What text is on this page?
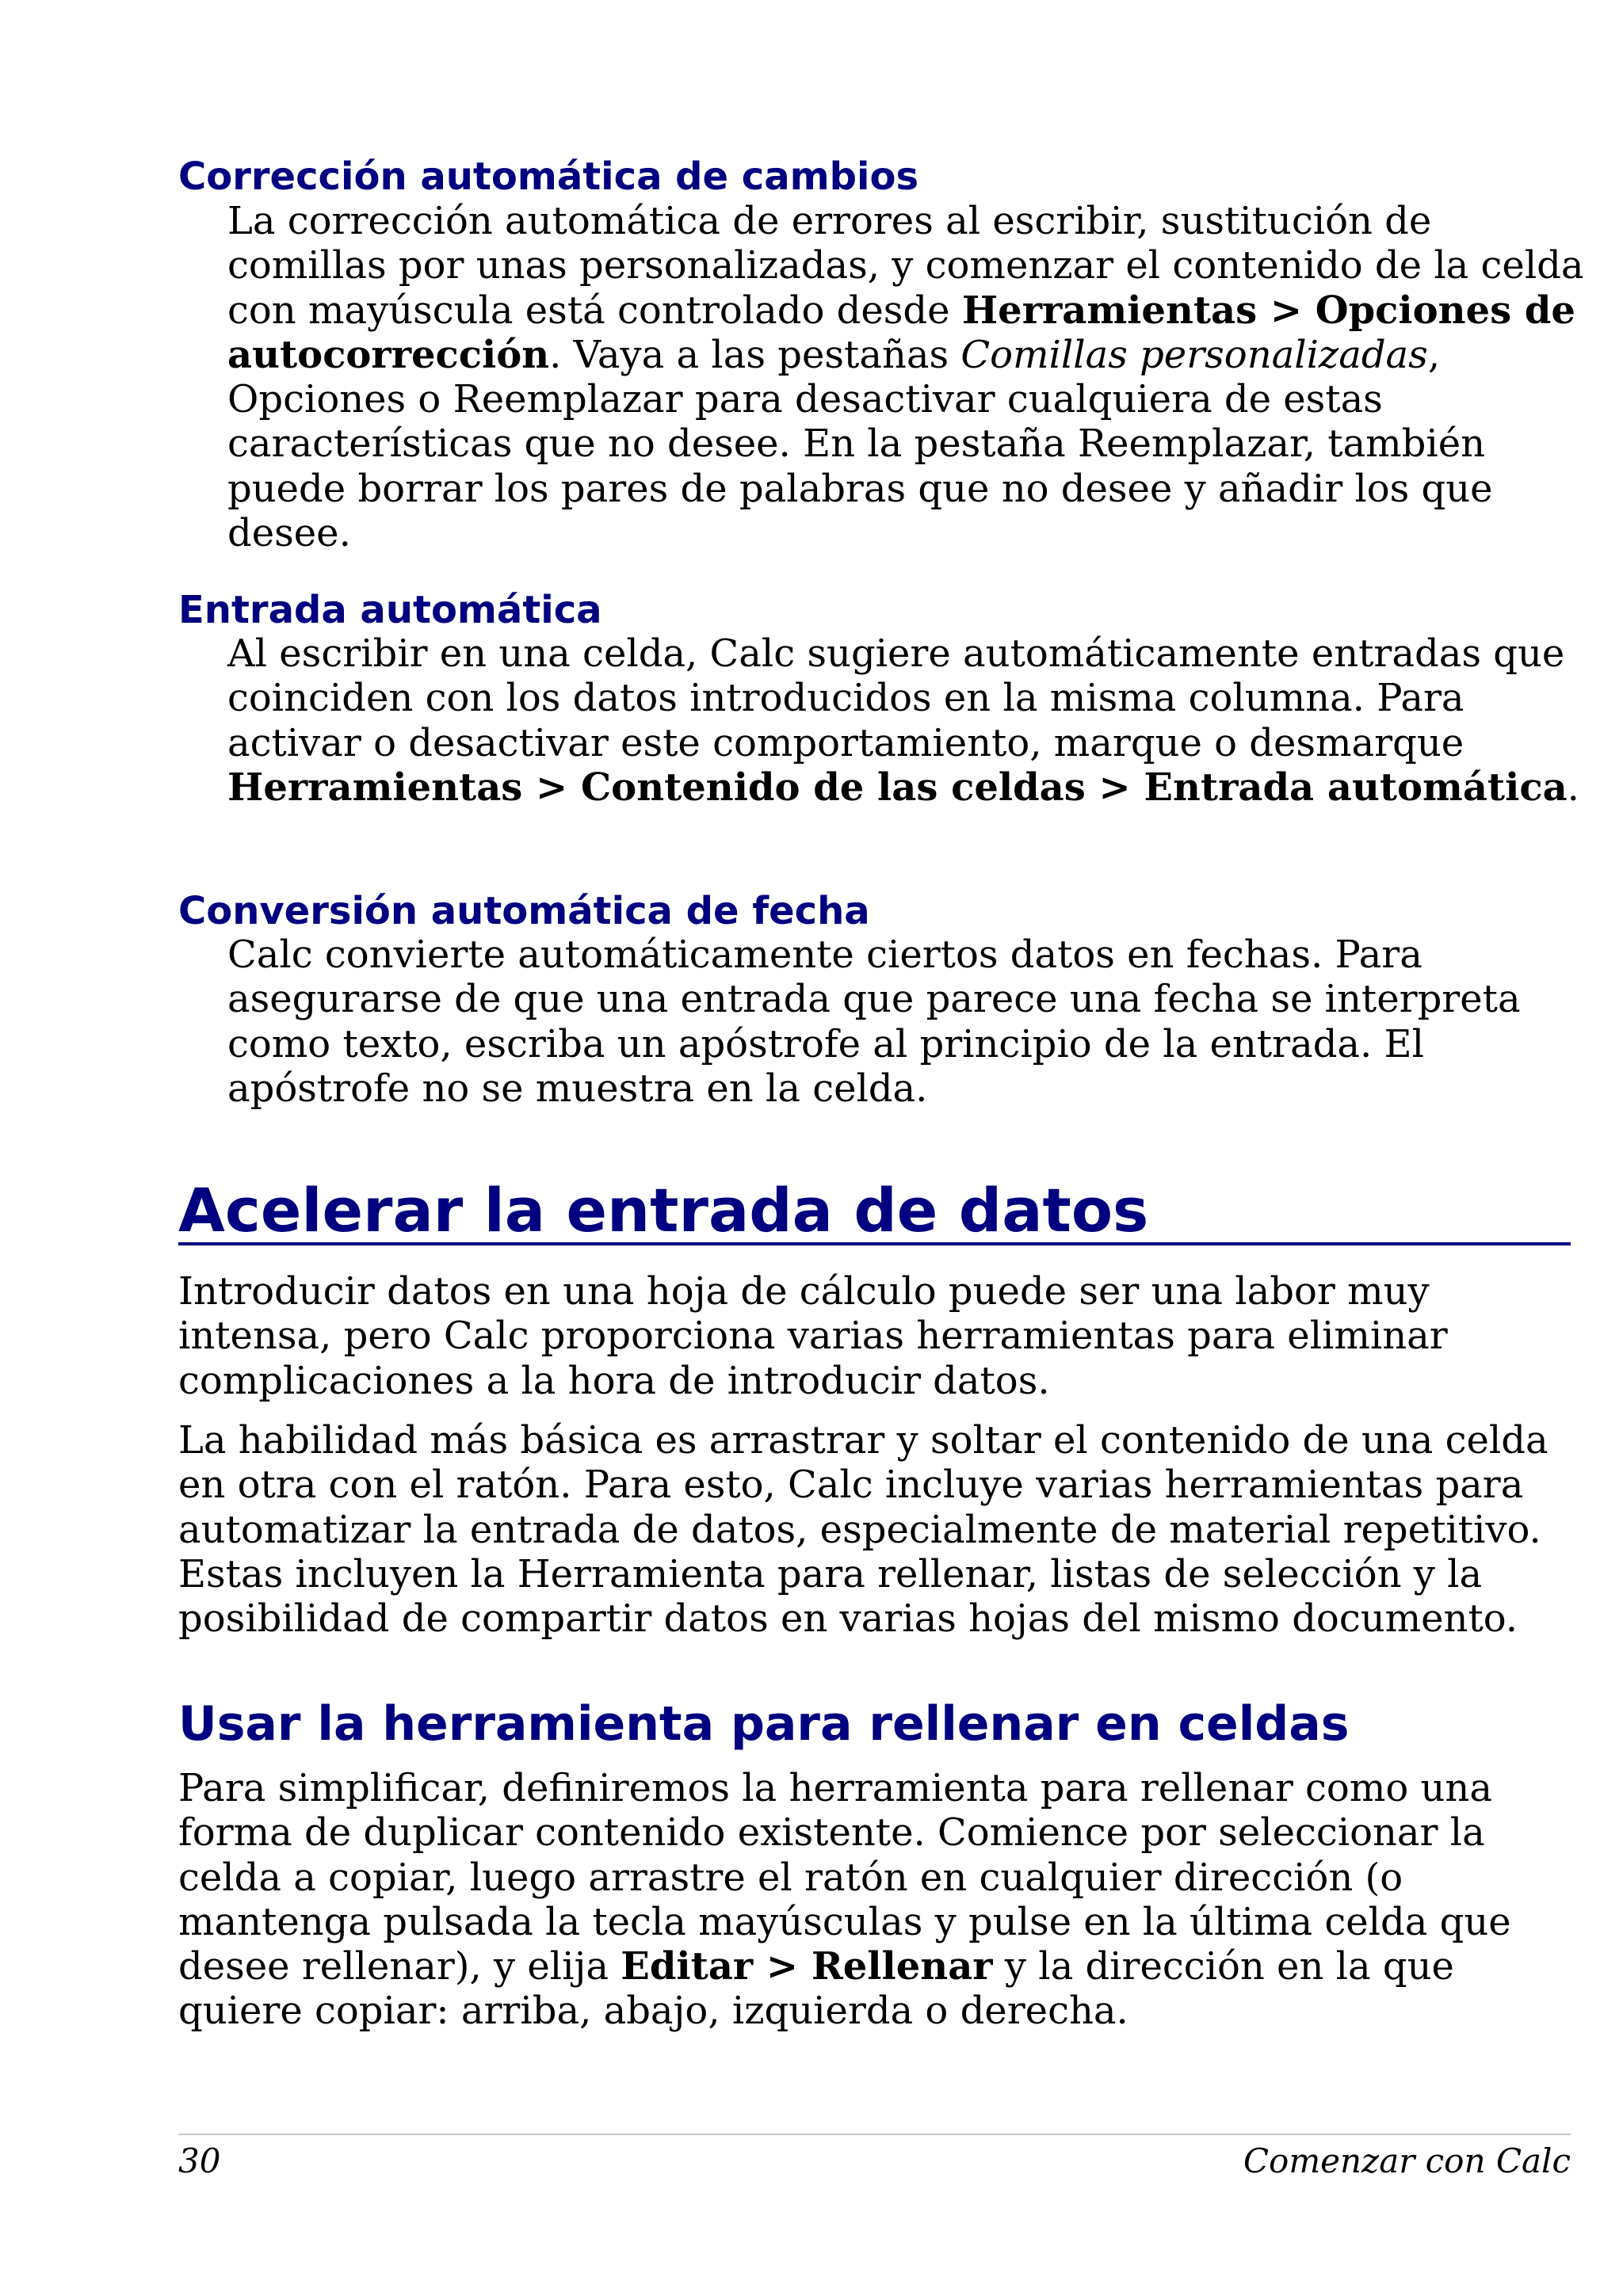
Corrección automática de cambios

La corrección automática de errores al escribir, sustitución de comillas por unas personalizadas, y comenzar el contenido de la celda con mayúscula está controlado desde Herramientas > Opciones de autocorrección. Vaya a las pestañas Comillas personalizadas, Opciones o Reemplazar para desactivar cualquiera de estas características que no desee. En la pestaña Reemplazar, también puede borrar los pares de palabras que no desee y añadir los que desee.

Entrada automática

Al escribir en una celda, Calc sugiere automáticamente entradas que coinciden con los datos introducidos en la misma columna. Para activar o desactivar este comportamiento, marque o desmarque Herramientas > Contenido de las celdas > Entrada automática.

Conversión automática de fecha

Calc convierte automáticamente ciertos datos en fechas. Para asegurarse de que una entrada que parece una fecha se interpreta como texto, escriba un apóstrofe al principio de la entrada. El apóstrofe no se muestra en la celda.

Acelerar la entrada de datos

Introducir datos en una hoja de cálculo puede ser una labor muy intensa, pero Calc proporciona varias herramientas para eliminar complicaciones a la hora de introducir datos.

La habilidad más básica es arrastrar y soltar el contenido de una celda en otra con el ratón. Para esto, Calc incluye varias herramientas para automatizar la entrada de datos, especialmente de material repetitivo. Estas incluyen la Herramienta para rellenar, listas de selección y la posibilidad de compartir datos en varias hojas del mismo documento.

Usar la herramienta para rellenar en celdas

Para simplificar, definiremos la herramienta para rellenar como una forma de duplicar contenido existente. Comience por seleccionar la celda a copiar, luego arrastre el ratón en cualquier dirección (o mantenga pulsada la tecla mayúsculas y pulse en la última celda que desee rellenar), y elija Editar > Rellenar y la dirección en la que quiere copiar: arriba, abajo, izquierda o derecha.

30	Comenzar con Calc
